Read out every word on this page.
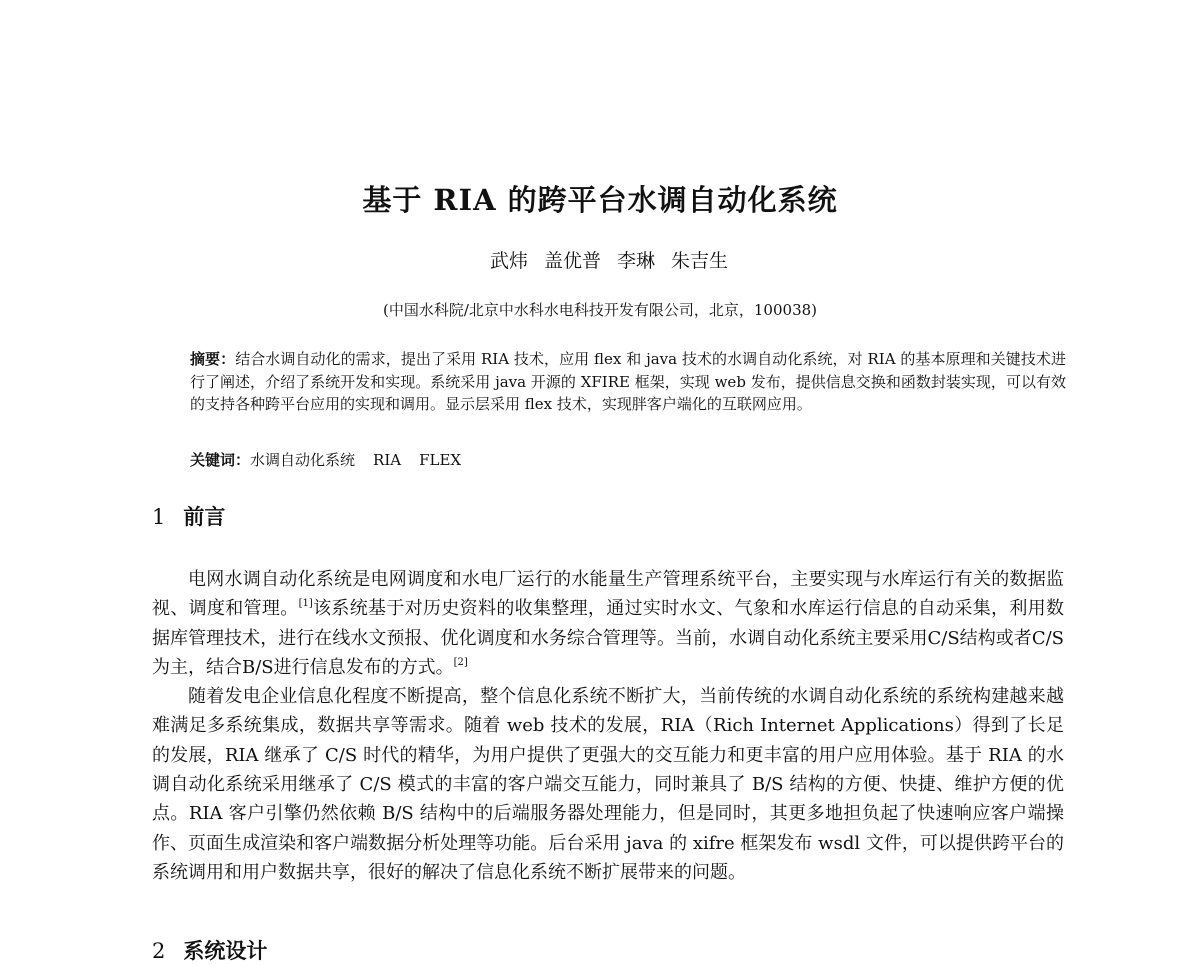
基于 RIA 的跨平台水调自动化系统
武炜 盖优普 李琳 朱吉生
(中国水科院/北京中水科水电科技开发有限公司，北京，100038)
摘要：结合水调自动化的需求，提出了采用 RIA 技术，应用 flex 和 java 技术的水调自动化系统，对 RIA 的基本原理和关键技术进行了阐述，介绍了系统开发和实现。系统采用 java 开源的 XFIRE 框架，实现 web 发布，提供信息交换和函数封装实现，可以有效的支持各种跨平台应用的实现和调用。显示层采用 flex 技术，实现胖客户端化的互联网应用。
关键词：水调自动化系统 RIA FLEX
1 前言

电网水调自动化系统是电网调度和水电厂运行的水能量生产管理系统平台，主要实现与水库运行有关的数据监视、调度和管理。[1]该系统基于对历史资料的收集整理，通过实时水文、气象和水库运行信息的自动采集，利用数据库管理技术，进行在线水文预报、优化调度和水务综合管理等。当前，水调自动化系统主要采用C/S结构或者C/S为主，结合B/S进行信息发布的方式。[2]

随着发电企业信息化程度不断提高，整个信息化系统不断扩大，当前传统的水调自动化系统的系统构建越来越难满足多系统集成，数据共享等需求。随着 web 技术的发展，RIA（Rich Internet Applications）得到了长足的发展，RIA 继承了 C/S 时代的精华，为用户提供了更强大的交互能力和更丰富的用户应用体验。基于 RIA 的水调自动化系统采用继承了 C/S 模式的丰富的客户端交互能力，同时兼具了 B/S 结构的方便、快捷、维护方便的优点。RIA 客户引擎仍然依赖 B/S 结构中的后端服务器处理能力，但是同时，其更多地担负起了快速响应客户端操作、页面生成渲染和客户端数据分析处理等功能。后台采用 java 的 xifre 框架发布 wsdl 文件，可以提供跨平台的系统调用和用户数据共享，很好的解决了信息化系统不断扩展带来的问题。

2 系统设计
